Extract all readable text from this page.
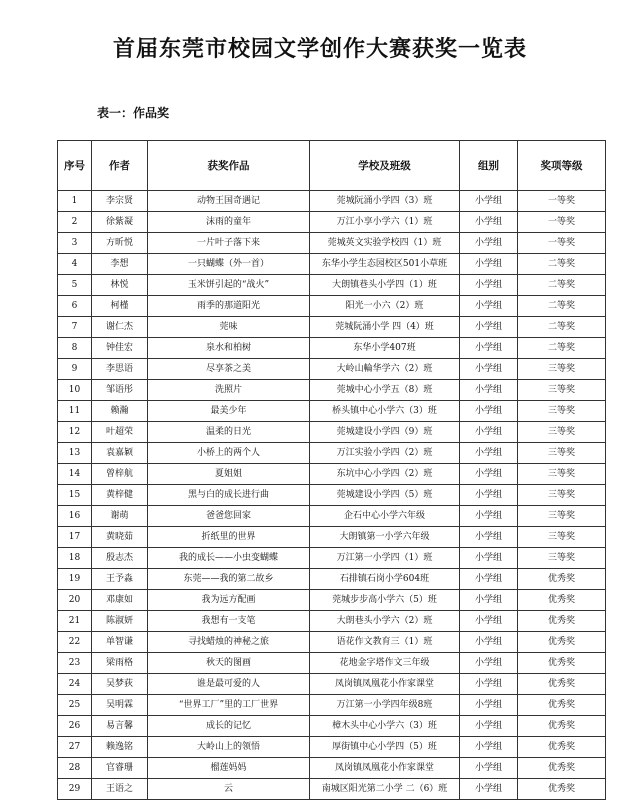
首届东莞市校园文学创作大赛获奖一览表
表一：作品奖
序号	作者	获奖作品	学校及班级	组别	奖项等级
1	李宗贤	动物王国奇遇记	莞城阮涌小学四（3）班	小学组	一等奖
2	徐紫凝	沫雨的童年	万江小享小学六（1）班	小学组	一等奖
3	方昕悦	一片叶子落下来	莞城英文实验学校四（1）班	小学组	一等奖
4	李想	一只蝴蝶（外一首）	东华小学生态园校区501小草班	小学组	二等奖
5	林悦	玉米饼引起的“战火”	大朗镇巷头小学四（1）班	小学组	二等奖
6	柯槿	雨季的那道阳光	阳光一小六（2）班	小学组	二等奖
7	谢仁杰	莞味	莞城阮涌小学 四（4）班	小学组	二等奖
8	钟佳宏	泉水和柏树	东华小学407班	小学组	二等奖
9	李思语	尽享茶之美	大岭山輪华学六（2）班	小学组	三等奖
10	邹语彤	洗照片	莞城中心小学五（8）班	小学组	三等奖
11	赖瀚	最美少年	桥头镇中心小学六（3）班	小学组	三等奖
12	叶超荣	温柔的日光	莞城建设小学四（9）班	小学组	三等奖
13	袁嘉颖	小桥上的两个人	万江实验小学四（2）班	小学组	三等奖
14	曾梓航	夏姐姐	东坑中心小学四（2）班	小学组	三等奖
15	黄梓健	黑与白的成长进行曲	莞城建设小学四（5）班	小学组	三等奖
16	谢萌	爸爸您回家	企石中心小学六年级	小学组	三等奖
17	黄晓茹	折纸里的世界	大朗镇第一小学六年级	小学组	三等奖
18	殷志杰	我的成长——小虫变蝴蝶	万江第一小学四（1）班	小学组	三等奖
19	王予淼	东莞——我的第二故乡	石排镇石岗小学604班	小学组	优秀奖
20	邓康如	我为远方配画	莞城步步高小学六（5）班	小学组	优秀奖
21	陈淑妍	我想有一支笔	大朗巷头小学六（2）班	小学组	优秀奖
22	单智谦	寻找蜡烛的神秘之旅	语花作文教育三（1）班	小学组	优秀奖
23	梁雨格	秋天的图画	花地金字塔作文三年级	小学组	优秀奖
24	吴梦荻	谁是最可爱的人	凤岗镇凤凰花小作家课堂	小学组	优秀奖
25	吴明霖	“世界工厂”里的工厂世界	万江第一小学四年级8班	小学组	优秀奖
26	易言馨	成长的记忆	樟木头中心小学六（3）班	小学组	优秀奖
27	赖逸铭	大岭山上的领悟	厚街镇中心小学四（5）班	小学组	优秀奖
28	官睿珊	榴莲妈妈	凤岗镇凤凰花小作家课堂	小学组	优秀奖
29	王语之	云	南城区阳光第二小学 二（6）班	小学组	优秀奖
